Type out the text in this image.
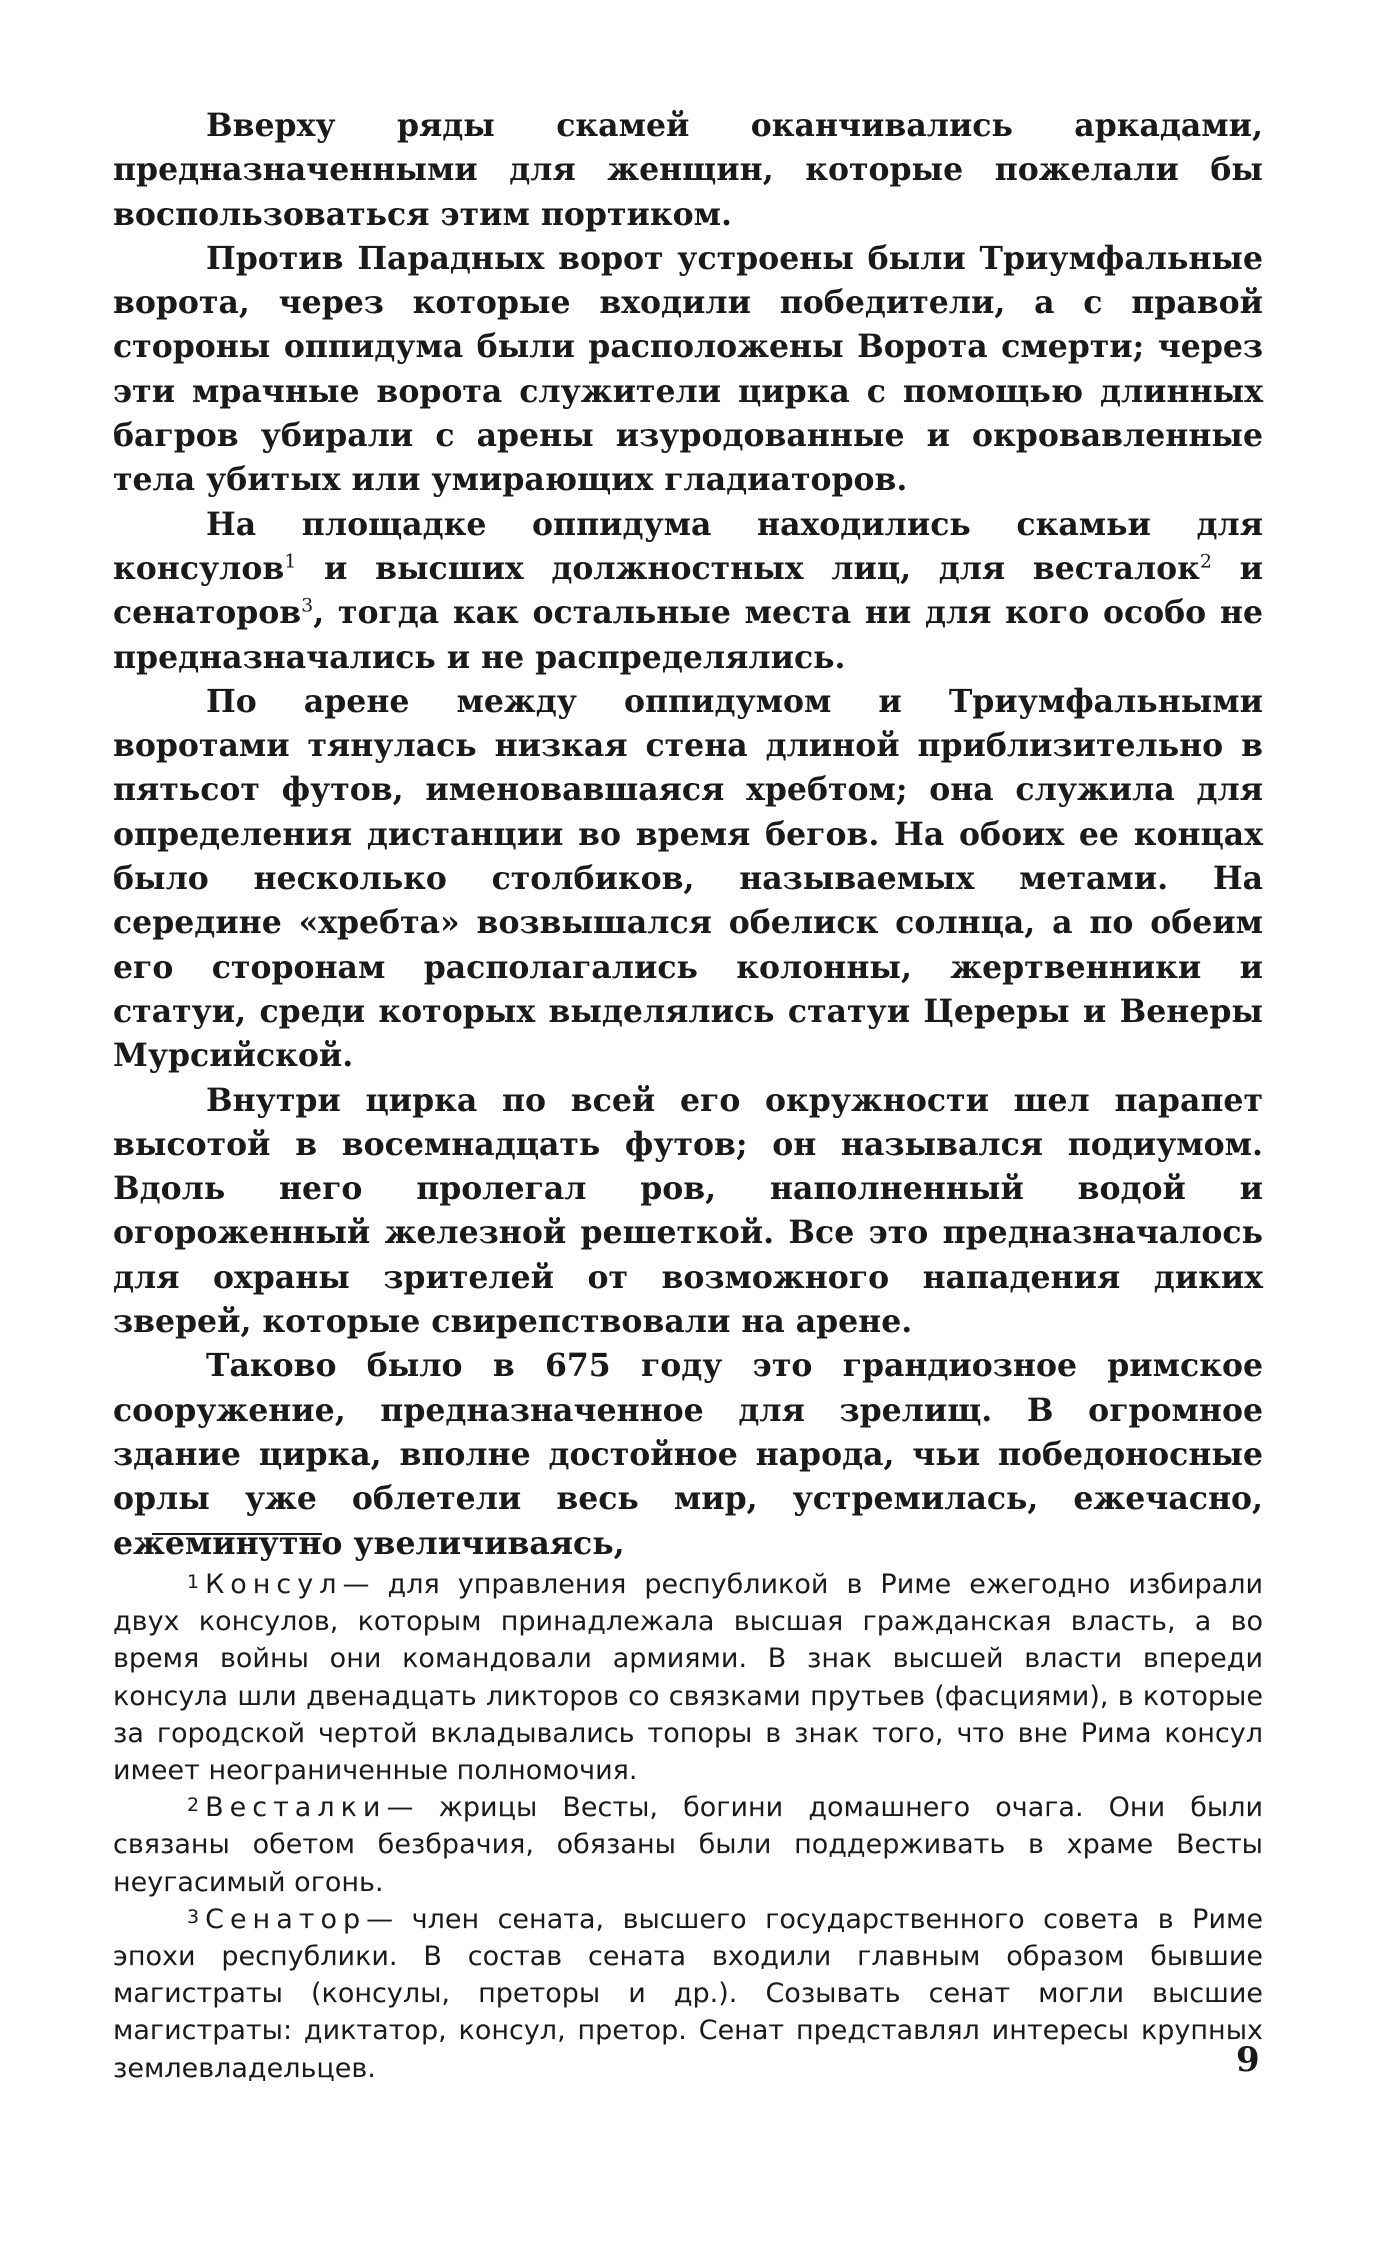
Вверху ряды скамей оканчивались аркадами, предназначенными для женщин, которые пожелали бы воспользоваться этим портиком.

Против Парадных ворот устроены были Триумфальные ворота, через которые входили победители, а с правой стороны оппидума были расположены Ворота смерти; через эти мрачные ворота служители цирка с помощью длинных багров убирали с арены изуродованные и окровавленные тела убитых или умирающих гладиаторов.

На площадке оппидума находились скамьи для консулов$^1$ и высших должностных лиц, для весталок$^2$ и сенаторов$^3$, тогда как остальные места ни для кого особо не предназначались и не распределялись.

По арене между оппидумом и Триумфальными воротами тянулась низкая стена длиной приблизительно в пятьсот футов, именовавшаяся хребтом; она служила для определения дистанции во время бегов. На обоих ее концах было несколько столбиков, называемых метами. На середине «хребта» возвышался обелиск солнца, а по обеим его сторонам располагались колонны, жертвенники и статуи, среди которых выделялись статуи Цереры и Венеры Мурсийской.

Внутри цирка по всей его окружности шел парапет высотой в восемнадцать футов; он назывался подиумом. Вдоль него пролегал ров, наполненный водой и огороженный железной решеткой. Все это предназначалось для охраны зрителей от возможного нападения диких зверей, которые свирепствовали на арене.

Таково было в 675 году это грандиозное римское сооружение, предназначенное для зрелищ. В огромное здание цирка, вполне достойное народа, чьи победоносные орлы уже облетели весь мир, устремилась, ежечасно, ежеминутно увеличиваясь,

$^1$ Консул— для управления республикой в Риме ежегодно избирали двух консулов, которым принадлежала высшая гражданская власть, а во время войны они командовали армиями. В знак высшей власти впереди консула шли двенадцать ликторов со связками прутьев (фасциями), в которые за городской чертой вкладывались топоры в знак того, что вне Рима консул имеет неограниченные полномочия.

$^2$ Весталки— жрицы Весты, богини домашнего очага. Они были связаны обетом безбрачия, обязаны были поддерживать в храме Весты неугасимый огонь.

$^3$ Сенатор— член сената, высшего государственного совета в Риме эпохи республики. В состав сената входили главным образом бывшие магистраты (консулы, преторы и др.). Созывать сенат могли высшие магистраты: диктатор, консул, претор. Сенат представлял интересы крупных землевладельцев.	9
